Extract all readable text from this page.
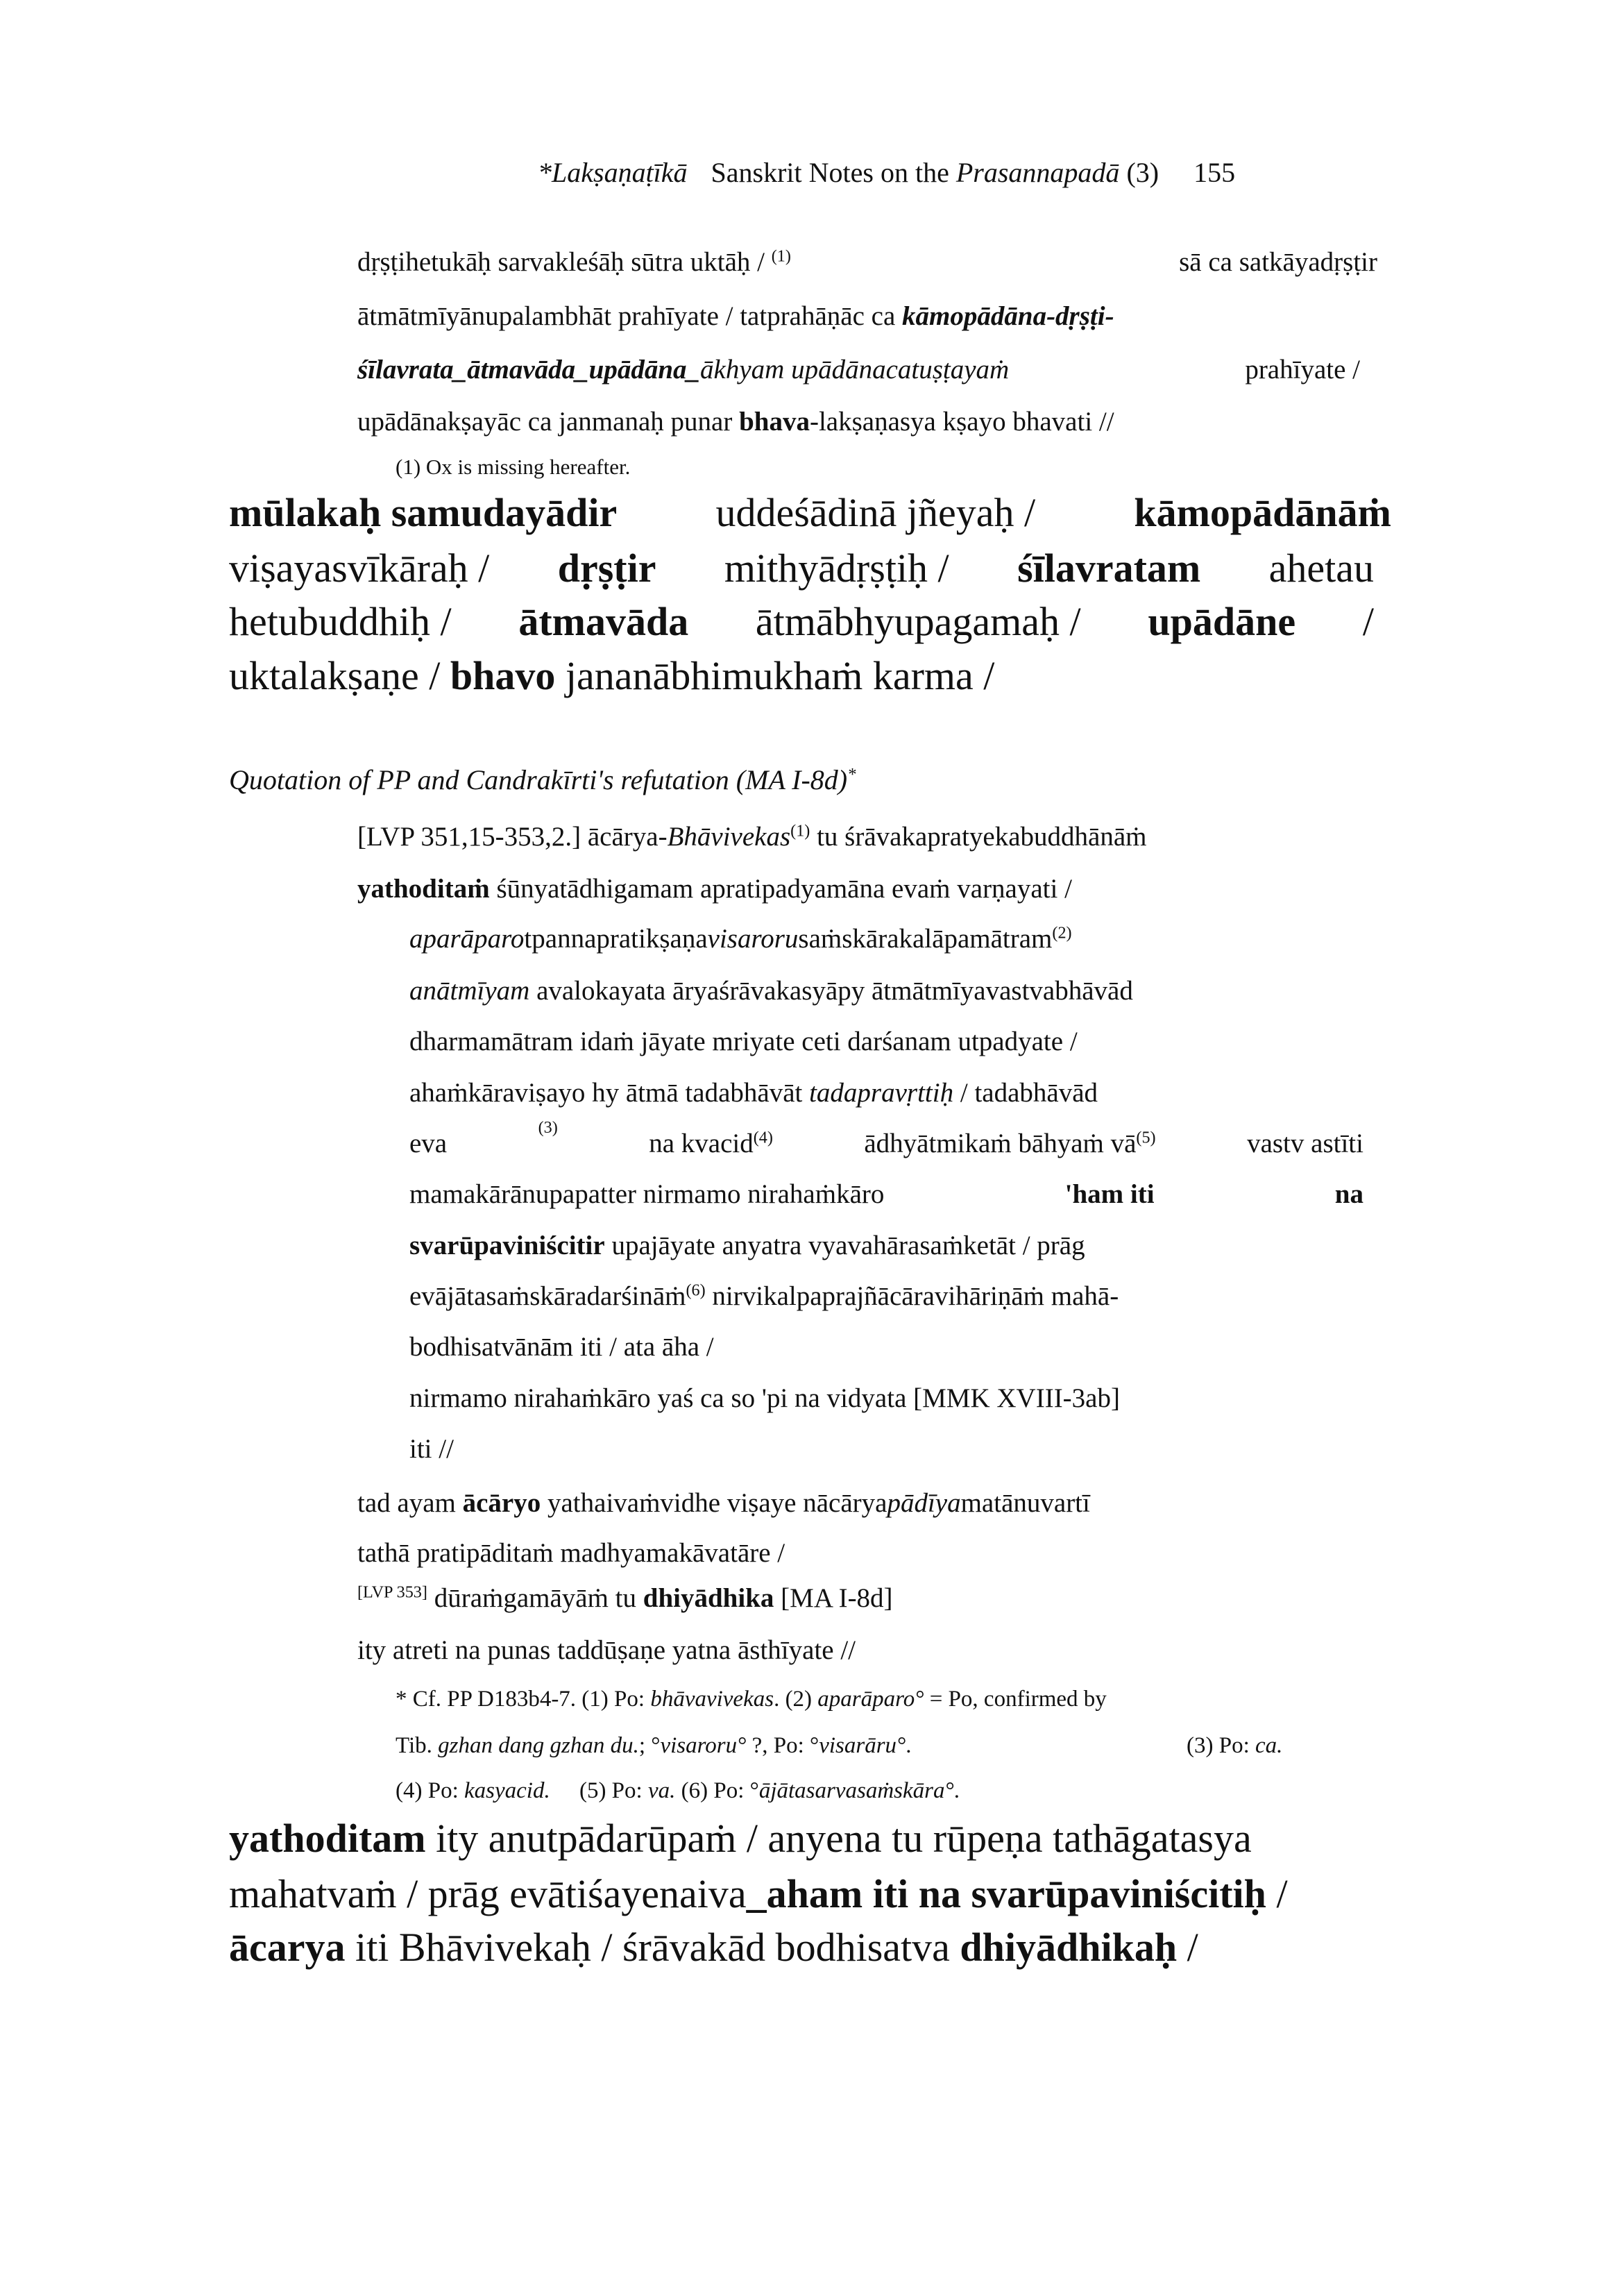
*Lakṣaṇaṭīkā Sanskrit Notes on the Prasannapadā (3) 155
dṛṣṭihetukāḥ sarvakleśāḥ sūtra uktāḥ / $^{(1)}$	sā ca satkāyadṛṣṭir
ātmātmīyānupalambhāt prahīyate / tatprahāṇāc ca kāmopādāna-dṛṣṭi-
śīlavrata_ātmavāda_upādāna_ākhyam upādānacatuṣṭayaṁ	prahīyate /
upādānakṣayāc ca janmanaḥ punar bhava-lakṣaṇasya kṣayo bhavati //
(1) Ox is missing hereafter.
mūlakaḥ samudayādir uddeśādinā jñeyaḥ / kāmopādānāṁ
viṣayasvīkāraḥ / dṛṣṭir mithyādṛṣṭiḥ / śīlavratam ahetau
hetubuddhiḥ / ātmavāda ātmābhyupagamaḥ / upādāne /
uktalakṣaṇe / bhavo jananābhimukhaṁ karma /
Quotation of PP and Candrakīrti's refutation (MA I-8d)*
[LVP 351,15-353,2.] ācārya-Bhāvivekas$^{(1)}$ tu śrāvakapratyekabuddhānāṁ
yathoditaṁ śūnyatādhigamam apratipadyamāna evaṁ varṇayati /
aparāparotpannapratikṣaṇavisarorusaṁskārakalāpamātram$^{(2)}$
anātmīyam avalokayata āryaśrāvakasyāpy ātmātmīyavastvabhāvād
dharmamātram idaṁ jāyate mriyate ceti darśanam utpadyate /
ahaṁkāraviṣayo hy ātmā tadabhāvāt tadapravṛttiḥ / tadabhāvād
eva
(3)
na kvacid$^{(4)}$	ādhyātmikaṁ bāhyaṁ $vā^{(5)}$	vastv astīti
mamakārānupapatter nirmamo nirahaṁkāro	'ham iti	na
svarūpaviniścitir upajāyate anyatra vyavahārasaṁketāt / prāg
evājātasaṁskāradarśināṁ$^{(6)}$ nirvikalpaprajñācāravihāriṇāṁ mahā-
bodhisatvānām iti / ata āha /
nirmamo nirahaṁkāro yaś ca so 'pi na vidyata [MMK XVIII-3ab]
iti //
tad ayam ācāryo yathaivaṁvidhe viṣaye nācāryapādīyamatānuvartī
tathā pratipāditaṁ madhyamakāvatāre /
[LVP 353] dūraṁgamāyāṁ tu dhiyādhika [MA I-8d]
ity atreti na punas taddūṣaṇe yatna āsthīyate //
* Cf. PP D183b4-7. (1) Po: bhāvavivekas. (2) aparāparo° = Po, confirmed by
Tib. gzhan dang gzhan du.; °visaroru° ?, Po: °visarāru°.	(3) Po: ca.
(4) Po: kasyacid. (5) Po: va. (6) Po: °ājātasarvasaṁskāra°.
yathoditam ity anutpādarūpaṁ / anyena tu rūpeṇa tathāgatasya
mahatvaṁ / prāg evātiśayenaiva_aham iti na svarūpaviniścitiḥ /
ācarya iti Bhāvivekaḥ / śrāvakād bodhisatva dhiyādhikaḥ /
